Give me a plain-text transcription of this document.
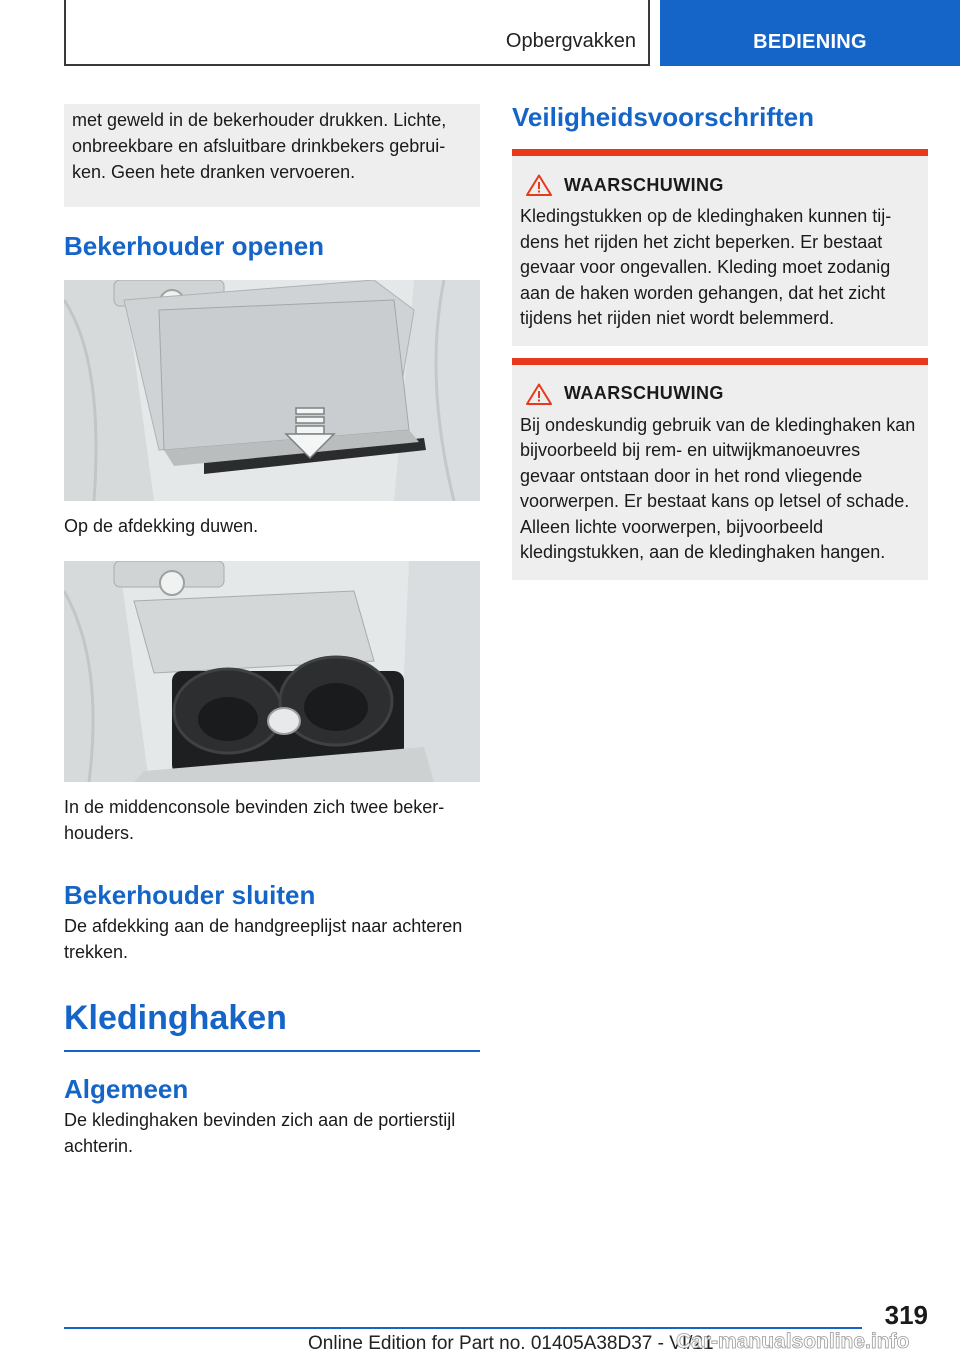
Opbergvakken	BEDIENING

met geweld in de bekerhouder drukken. Lichte, onbreekbare en afsluitbare drinkbekers gebruiken. Geen hete dranken vervoeren.

Bekerhouder openen

Op de afdekking duwen.

In de middenconsole bevinden zich twee bekerhouders.

Bekerhouder sluiten

De afdekking aan de handgreeplijst naar achteren trekken.

Kledinghaken
Algemeen

De kledinghaken bevinden zich aan de portierstijl achterin.

Veiligheidsvoorschriften
WAARSCHUWING

Kledingstukken op de kledinghaken kunnen tijdens het rijden het zicht beperken. Er bestaat gevaar voor ongevallen. Kleding moet zodanig aan de haken worden gehangen, dat het zicht tijdens het rijden niet wordt belemmerd.

WAARSCHUWING

Bij ondeskundig gebruik van de kledinghaken kan bijvoorbeeld bij rem- en uitwijkmanoeuvres gevaar ontstaan door in het rond vliegende voorwerpen. Er bestaat kans op letsel of schade. Alleen lichte voorwerpen, bijvoorbeeld kledingstukken, aan de kledinghaken hangen.

319
Online Edition for Part no. 01405A38D37 - VI/21
Car-manualsonline.info
